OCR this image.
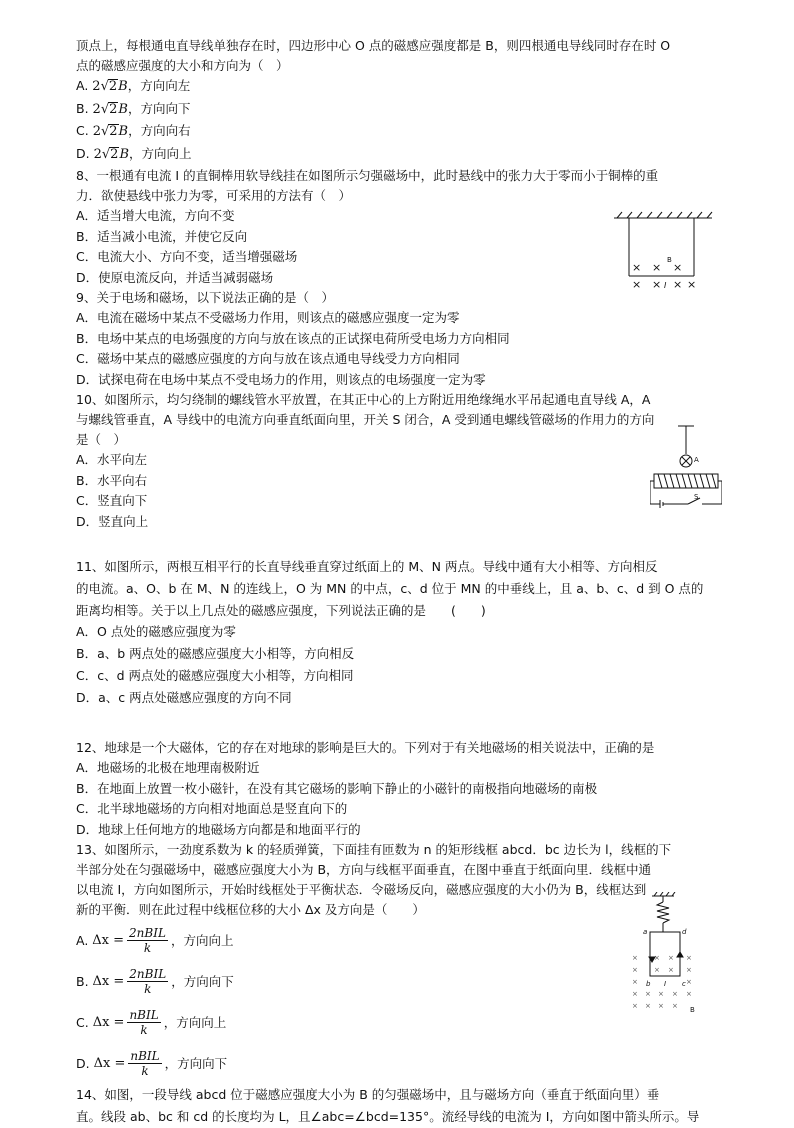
顶点上，每根通电直导线单独存在时，四边形中心 O 点的磁感应强度都是 B，则四根通电导线同时存在时 O

点的磁感应强度的大小和方向为（　）

A. 2√2B，方向向左

B. 2√2B，方向向下

C. 2√2B，方向向右

D. 2√2B，方向向上

8、一根通有电流 I 的直铜棒用软导线挂在如图所示匀强磁场中，此时悬线中的张力大于零而小于铜棒的重

力．欲使悬线中张力为零，可采用的方法有（　）

A．适当增大电流，方向不变

B．适当减小电流，并使它反向

C．电流大小、方向不变，适当增强磁场

D．使原电流反向，并适当减弱磁场

9、关于电场和磁场，以下说法正确的是（　）

A．电流在磁场中某点不受磁场力作用，则该点的磁感应强度一定为零

B．电场中某点的电场强度的方向与放在该点的正试探电荷所受电场力方向相同

C．磁场中某点的磁感应强度的方向与放在该点通电导线受力方向相同

D．试探电荷在电场中某点不受电场力的作用，则该点的电场强度一定为零

10、如图所示，均匀绕制的螺线管水平放置，在其正中心的上方附近用绝缘绳水平吊起通电直导线 A，A

与螺线管垂直，A 导线中的电流方向垂直纸面向里，开关 S 闭合，A 受到通电螺线管磁场的作用力的方向

是（　）

A．水平向左

B．水平向右

C．竖直向下

D．竖直向上

11、如图所示，两根互相平行的长直导线垂直穿过纸面上的 M、N 两点。导线中通有大小相等、方向相反

的电流。a、O、b 在 M、N 的连线上，O 为 MN 的中点，c、d 位于 MN 的中垂线上，且 a、b、c、d 到 O 点的

距离均相等。关于以上几点处的磁感应强度，下列说法正确的是　　(　　)

A．O 点处的磁感应强度为零

B．a、b 两点处的磁感应强度大小相等，方向相反

C．c、d 两点处的磁感应强度大小相等，方向相同

D．a、c 两点处磁感应强度的方向不同

12、地球是一个大磁体，它的存在对地球的影响是巨大的。下列对于有关地磁场的相关说法中，正确的是

A．地磁场的北极在地理南极附近

B．在地面上放置一枚小磁针，在没有其它磁场的影响下静止的小磁针的南极指向地磁场的南极

C．北半球地磁场的方向相对地面总是竖直向下的

D．地球上任何地方的地磁场方向都是和地面平行的

13、如图所示，一劲度系数为 k 的轻质弹簧，下面挂有匝数为 n 的矩形线框 abcd．bc 边长为 l，线框的下

半部分处在匀强磁场中，磁感应强度大小为 B，方向与线框平面垂直，在图中垂直于纸面向里．线框中通

以电流 I，方向如图所示，开始时线框处于平衡状态．令磁场反向，磁感应强度的大小仍为 B，线框达到

新的平衡．则在此过程中线框位移的大小 Δx 及方向是（　　）

A.
$\Delta x = \frac{\text{2nBIL}}{k}$ ，方向向上
B.
$\Delta x = \frac{\text{2nBIL}}{k}$ ，方向向下
C.
$\Delta x = \frac{\text{nBIL}}{k}$ ，方向向上
D.
$\Delta x = \frac{\text{nBIL}}{k}$ ，方向向下

14、如图，一段导线 abcd 位于磁感应强度大小为 B 的匀强磁场中，且与磁场方向（垂直于纸面向里）垂

直。线段 ab、bc 和 cd 的长度均为 L，且∠abc=∠bcd=135°。流经导线的电流为 I，方向如图中箭头所示。导

× × ×
× × × ×
B
I
A
S
×
×
×
×
×
× × × ×
× × ×
×
×
×
× ×
× ×
a	d
b	c
I
B
